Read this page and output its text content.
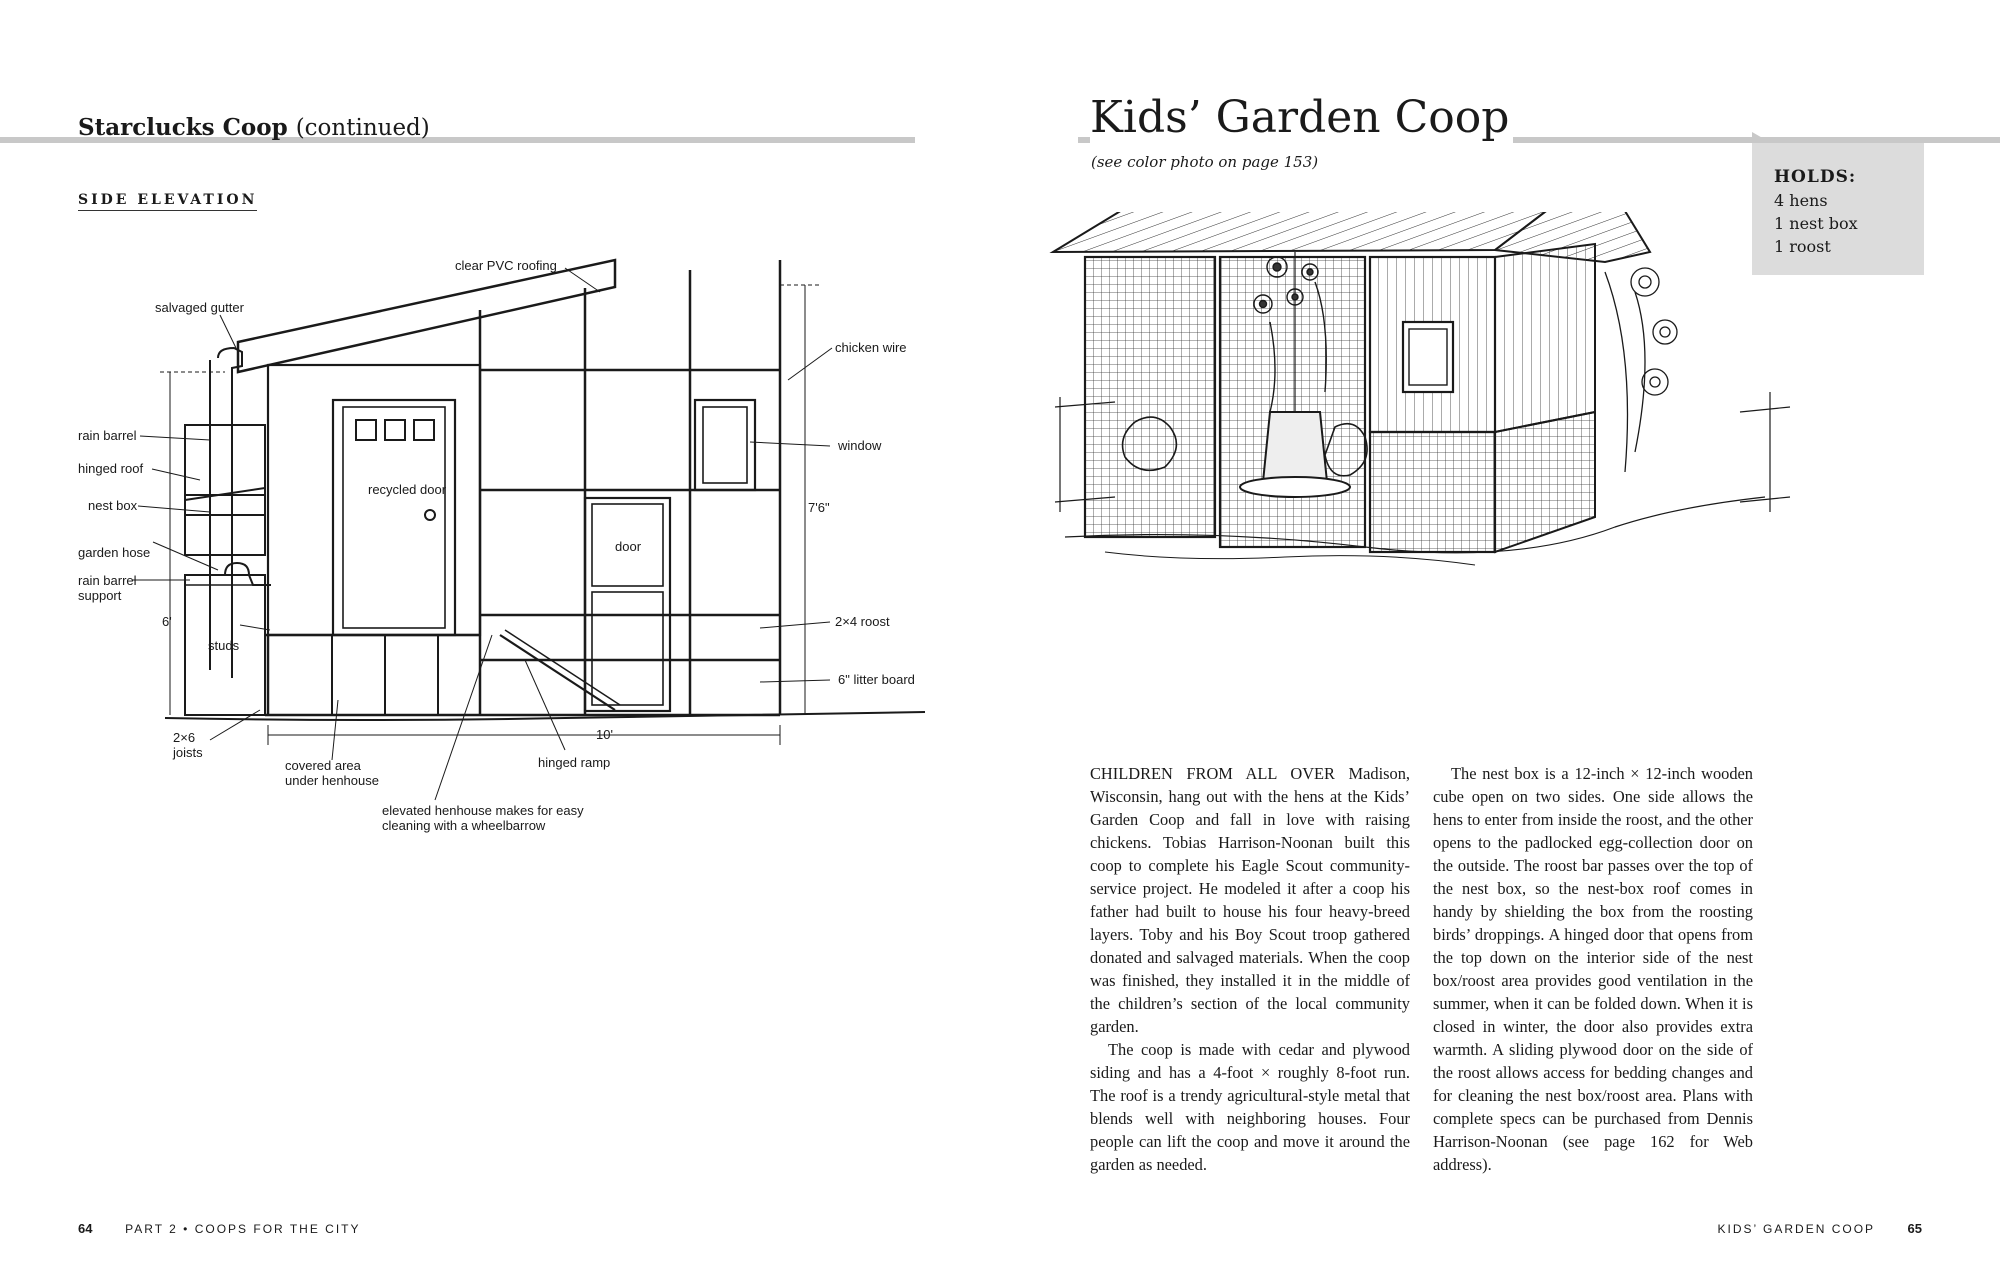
Starclucks Coop (continued)
SIDE ELEVATION
clear PVC roofing
salvaged gutter
chicken wire
rain barrel
window
hinged roof
recycled door
7'6"
nest box
door
garden hose
rain barrel
support
6'	2×4 roost
studs
6" litter board
10'
2×6
joists
covered area
under henhouse
hinged ramp
elevated henhouse makes for easy
cleaning with a wheelbarrow
64	PART 2 • COOPS FOR THE CITY
Kids’ Garden Coop
(see color photo on page 153)
HOLDS:
4 hens
1 nest box
1 roost

CHILDREN FROM ALL OVER Madison, Wisconsin, hang out with the hens at the Kids’ Garden Coop and fall in love with raising chickens. Tobias Harrison-Noonan built this coop to complete his Eagle Scout community-service project. He modeled it after a coop his father had built to house his four heavy-breed layers. Toby and his Boy Scout troop gathered donated and salvaged materials. When the coop was finished, they installed it in the middle of the children’s section of the local community garden.

The coop is made with cedar and plywood siding and has a 4-foot × roughly 8-foot run. The roof is a trendy agricultural-style metal that blends well with neighboring houses. Four people can lift the coop and move it around the garden as needed.

The nest box is a 12-inch × 12-inch wooden cube open on two sides. One side allows the hens to enter from inside the roost, and the other opens to the padlocked egg-collection door on the outside. The roost bar passes over the top of the nest box, so the nest-box roof comes in handy by shielding the box from the roosting birds’ droppings. A hinged door that opens from the top down on the interior side of the nest box/roost area provides good ventilation in the summer, when it can be folded down. When it is closed in winter, the door also provides extra warmth. A sliding plywood door on the side of the roost allows access for bedding changes and for cleaning the nest box/roost area. Plans with complete specs can be purchased from Dennis Harrison-Noonan (see page 162 for Web address).

KIDS’ GARDEN COOP	65
